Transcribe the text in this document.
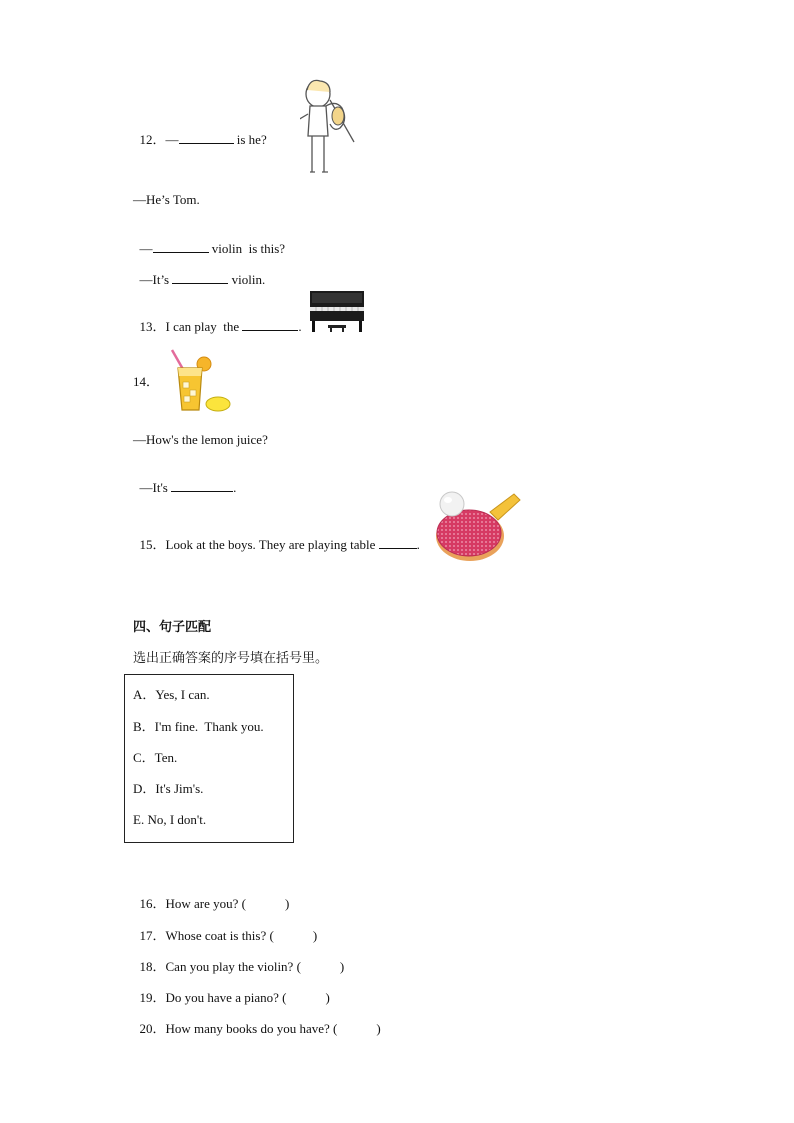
12．—	is he?

—He’s Tom.

—	violin  is this?

—It’s	violin.

13．I can play  the	.

14．
—How's the lemon juice?

—It's	.

15．Look at the boys. They are playing table	.

四、句子匹配
选出正确答案的序号填在括号里。
A．Yes, I can.
B．I'm fine.  Thank you.
C．Ten.
D．It's Jim's.
E. No, I don't.

16．How are you? (            )

17．Whose coat is this? (            )

18．Can you play the violin? (            )

19．Do you have a piano? (            )

20．How many books do you have? (            )
